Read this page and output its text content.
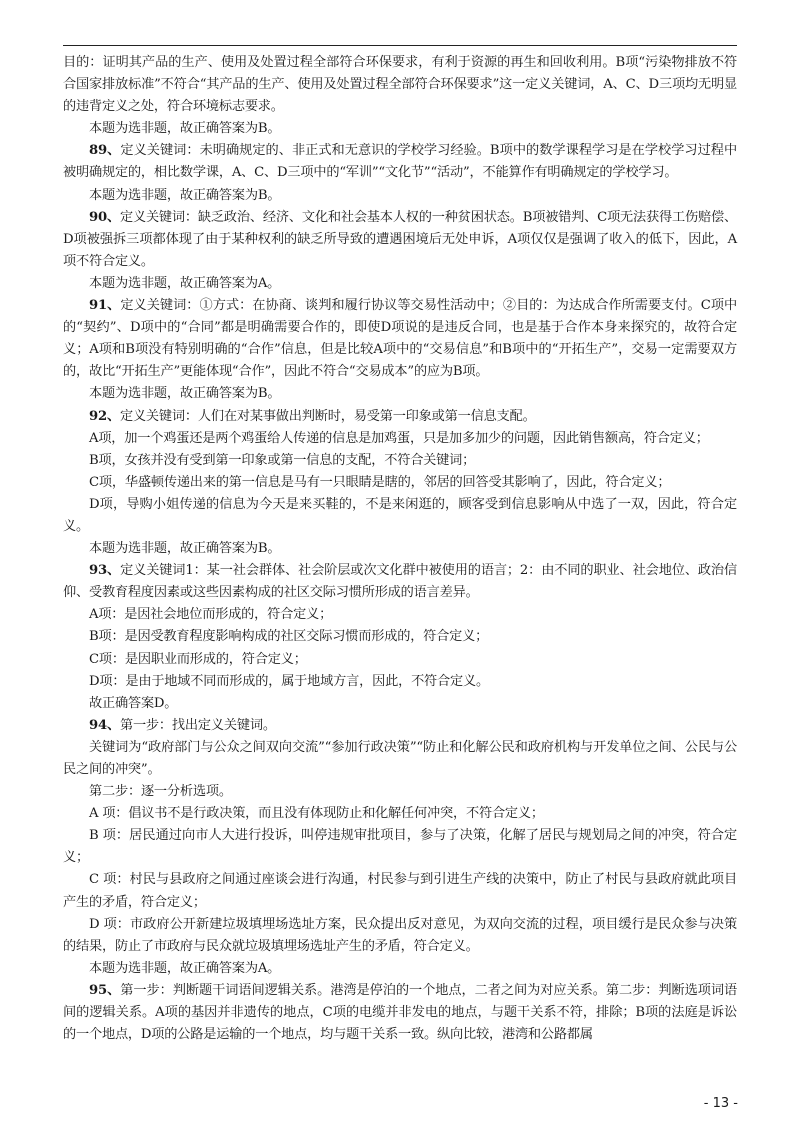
目的：证明其产品的生产、使用及处置过程全部符合环保要求，有利于资源的再生和回收利用。B项“污染物排放不符合国家排放标准”不符合“其产品的生产、使用及处置过程全部符合环保要求”这一定义关键词，A、C、D三项均无明显的违背定义之处，符合环境标志要求。

本题为选非题，故正确答案为B。

89、定义关键词：未明确规定的、非正式和无意识的学校学习经验。B项中的数学课程学习是在学校学习过程中被明确规定的，相比数学课，A、C、D三项中的“军训”“文化节”“活动”，不能算作有明确规定的学校学习。

本题为选非题，故正确答案为B。

90、定义关键词：缺乏政治、经济、文化和社会基本人权的一种贫困状态。B项被错判、C项无法获得工伤赔偿、D项被强拆三项都体现了由于某种权利的缺乏所导致的遭遇困境后无处申诉，A项仅仅是强调了收入的低下，因此，A项不符合定义。

本题为选非题，故正确答案为A。

91、定义关键词：①方式：在协商、谈判和履行协议等交易性活动中；②目的：为达成合作所需要支付。C项中的“契约”、D项中的“合同”都是明确需要合作的，即使D项说的是违反合同，也是基于合作本身来探究的，故符合定义；A项和B项没有特别明确的“合作”信息，但是比较A项中的“交易信息”和B项中的“开拓生产”，交易一定需要双方的，故比“开拓生产”更能体现“合作”，因此不符合“交易成本”的应为B项。

本题为选非题，故正确答案为B。

92、定义关键词：人们在对某事做出判断时，易受第一印象或第一信息支配。

A项，加一个鸡蛋还是两个鸡蛋给人传递的信息是加鸡蛋，只是加多加少的问题，因此销售额高，符合定义；

B项，女孩并没有受到第一印象或第一信息的支配，不符合关键词；

C项，华盛顿传递出来的第一信息是马有一只眼睛是瞎的，邻居的回答受其影响了，因此，符合定义；

D项，导购小姐传递的信息为今天是来买鞋的，不是来闲逛的，顾客受到信息影响从中选了一双，因此，符合定义。

本题为选非题，故正确答案为B。

93、定义关键词1：某一社会群体、社会阶层或次文化群中被使用的语言；2：由不同的职业、社会地位、政治信仰、受教育程度因素或这些因素构成的社区交际习惯所形成的语言差异。

A项：是因社会地位而形成的，符合定义；

B项：是因受教育程度影响构成的社区交际习惯而形成的，符合定义；

C项：是因职业而形成的，符合定义；

D项：是由于地域不同而形成的，属于地域方言，因此，不符合定义。

故正确答案D。

94、第一步：找出定义关键词。

关键词为“政府部门与公众之间双向交流”“参加行政决策”“防止和化解公民和政府机构与开发单位之间、公民与公民之间的冲突”。

第二步：逐一分析选项。

A 项：倡议书不是行政决策，而且没有体现防止和化解任何冲突，不符合定义；

B 项：居民通过向市人大进行投诉，叫停违规审批项目，参与了决策，化解了居民与规划局之间的冲突，符合定义；

C 项：村民与县政府之间通过座谈会进行沟通，村民参与到引进生产线的决策中，防止了村民与县政府就此项目产生的矛盾，符合定义；

D 项：市政府公开新建垃圾填埋场选址方案，民众提出反对意见，为双向交流的过程，项目缓行是民众参与决策的结果，防止了市政府与民众就垃圾填埋场选址产生的矛盾，符合定义。

本题为选非题，故正确答案为A。

95、第一步：判断题干词语间逻辑关系。港湾是停泊的一个地点，二者之间为对应关系。第二步：判断选项词语间的逻辑关系。A项的基因并非遗传的地点，C项的电缆并非发电的地点，与题干关系不符，排除；B项的法庭是诉讼的一个地点，D项的公路是运输的一个地点，均与题干关系一致。纵向比较，港湾和公路都属

- 13 -
